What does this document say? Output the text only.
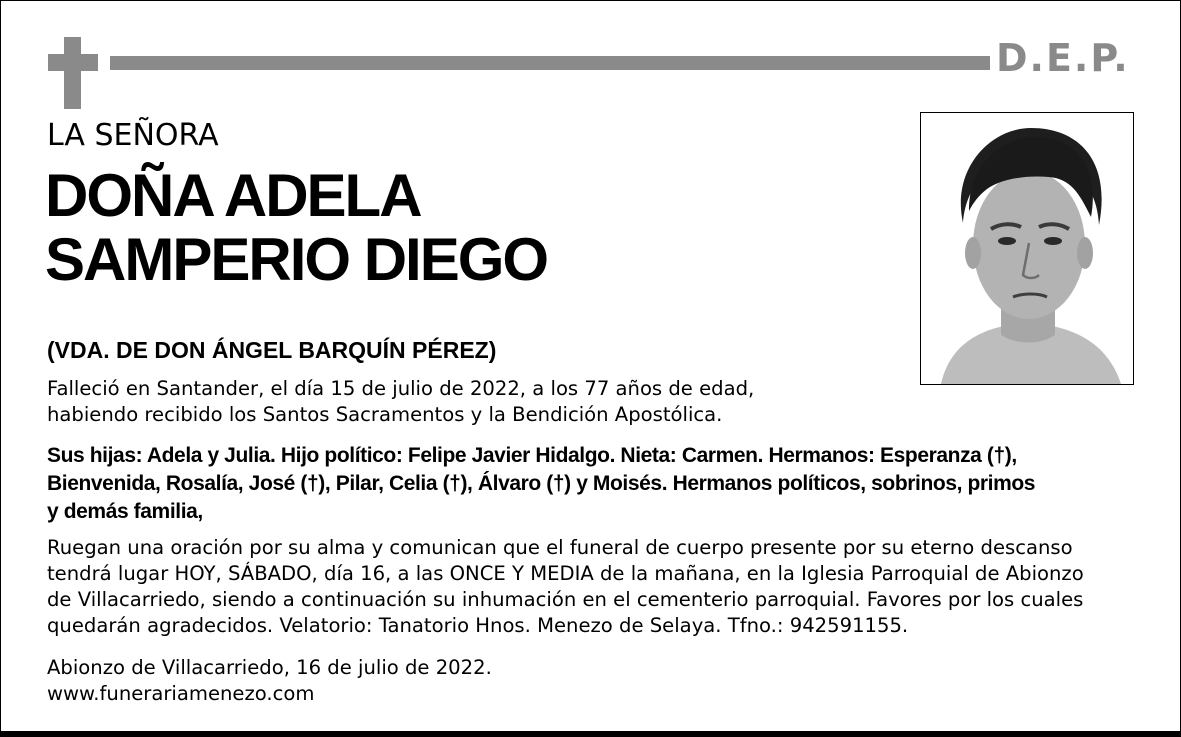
D.E.P.
LA SEÑORA
DOÑA ADELA
SAMPERIO DIEGO
(VDA. DE DON ÁNGEL BARQUÍN PÉREZ)
Falleció en Santander, el día 15 de julio de 2022, a los 77 años de edad,
habiendo recibido los Santos Sacramentos y la Bendición Apostólica.
Sus hijas: Adela y Julia. Hijo político: Felipe Javier Hidalgo. Nieta: Carmen. Hermanos: Esperanza (†),
Bienvenida, Rosalía, José (†), Pilar, Celia (†), Álvaro (†) y Moisés. Hermanos políticos, sobrinos, primos
y demás familia,
Ruegan una oración por su alma y comunican que el funeral de cuerpo presente por su eterno descanso
tendrá lugar HOY, SÁBADO, día 16, a las ONCE Y MEDIA de la mañana, en la Iglesia Parroquial de Abionzo
de Villacarriedo, siendo a continuación su inhumación en el cementerio parroquial. Favores por los cuales
quedarán agradecidos. Velatorio: Tanatorio Hnos. Menezo de Selaya. Tfno.: 942591155.
Abionzo de Villacarriedo, 16 de julio de 2022.
www.funerariamenezo.com
